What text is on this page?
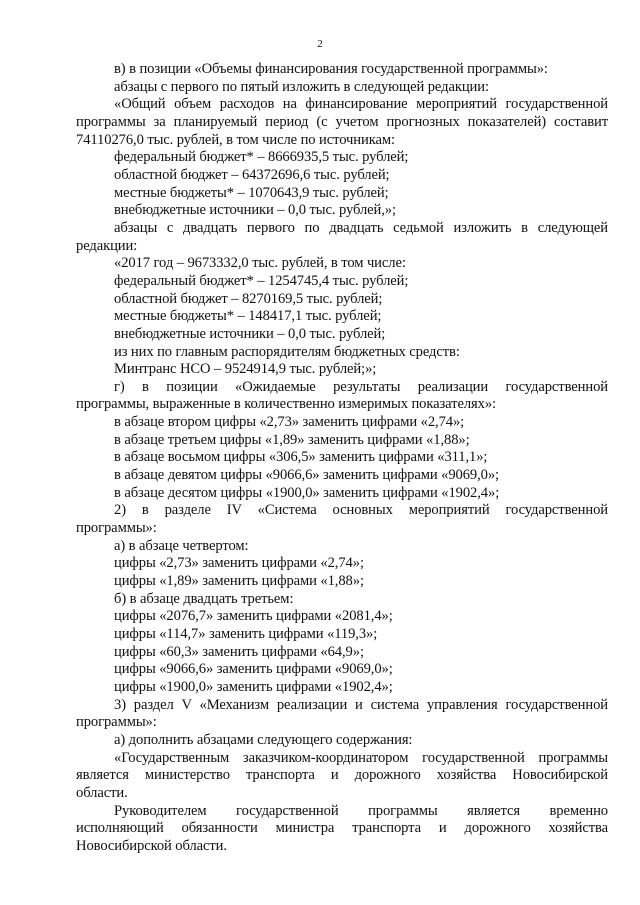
2
в) в позиции «Объемы финансирования государственной программы»:
абзацы с первого по пятый изложить в следующей редакции:
«Общий объем расходов на финансирование мероприятий государственной
программы за планируемый период (с учетом прогнозных показателей) составит
74110276,0 тыс. рублей, в том числе по источникам:
федеральный бюджет* – 8666935,5 тыс. рублей;
областной бюджет – 64372696,6 тыс. рублей;
местные бюджеты* – 1070643,9 тыс. рублей;
внебюджетные источники – 0,0 тыс. рублей,»;
абзацы с двадцать первого по двадцать седьмой изложить в следующей
редакции:
«2017 год – 9673332,0 тыс. рублей, в том числе:
федеральный бюджет* – 1254745,4 тыс. рублей;
областной бюджет – 8270169,5 тыс. рублей;
местные бюджеты* – 148417,1 тыс. рублей;
внебюджетные источники – 0,0 тыс. рублей;
из них по главным распорядителям бюджетных средств:
Минтранс НСО – 9524914,9 тыс. рублей;»;
г) в позиции «Ожидаемые результаты реализации государственной
программы, выраженные в количественно измеримых показателях»:
в абзаце втором цифры «2,73» заменить цифрами «2,74»;
в абзаце третьем цифры «1,89» заменить цифрами «1,88»;
в абзаце восьмом цифры «306,5» заменить цифрами «311,1»;
в абзаце девятом цифры «9066,6» заменить цифрами «9069,0»;
в абзаце десятом цифры «1900,0» заменить цифрами «1902,4»;
2) в разделе IV «Система основных мероприятий государственной
программы»:
а) в абзаце четвертом:
цифры «2,73» заменить цифрами «2,74»;
цифры «1,89» заменить цифрами «1,88»;
б) в абзаце двадцать третьем:
цифры «2076,7» заменить цифрами «2081,4»;
цифры «114,7» заменить цифрами «119,3»;
цифры «60,3» заменить цифрами «64,9»;
цифры «9066,6» заменить цифрами «9069,0»;
цифры «1900,0» заменить цифрами «1902,4»;
3) раздел V «Механизм реализации и система управления государственной
программы»:
а) дополнить абзацами следующего содержания:
«Государственным заказчиком-координатором государственной программы
является министерство транспорта и дорожного хозяйства Новосибирской
области.
Руководителем государственной программы является временно
исполняющий обязанности министра транспорта и дорожного хозяйства
Новосибирской области.
